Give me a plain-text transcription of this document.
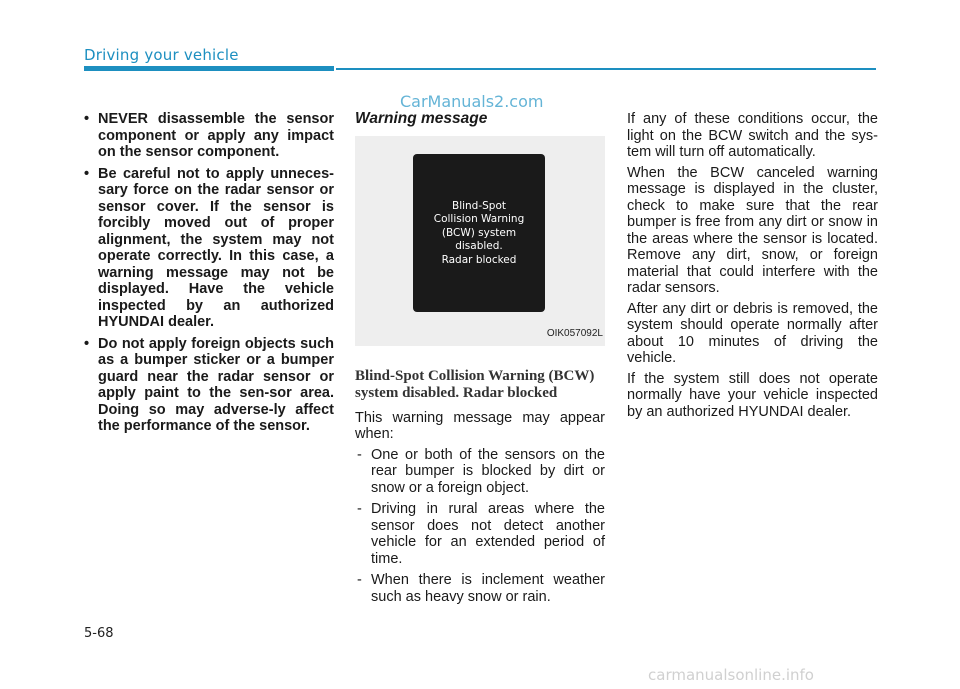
Driving your vehicle
CarManuals2.com
• NEVER disassemble the sensor component or apply any impact on the sensor component.
• Be careful not to apply unneces-sary force on the radar sensor or sensor cover. If the sensor is forcibly moved out of proper alignment, the system may not operate correctly. In this case, a warning message may not be displayed. Have the vehicle inspected by an authorized HYUNDAI dealer.
• Do not apply foreign objects such as a bumper sticker or a bumper guard near the radar sensor or apply paint to the sen-sor area. Doing so may adverse-ly affect the performance of the sensor.
Warning message
Blind-Spot
Collision Warning
(BCW) system
disabled.
Radar blocked
OIK057092L
Blind-Spot Collision Warning (BCW) system disabled. Radar blocked
This warning message may appear when:
- One or both of the sensors on the rear bumper is blocked by dirt or snow or a foreign object.
- Driving in rural areas where the sensor does not detect another vehicle for an extended period of time.
- When there is inclement weather such as heavy snow or rain.
If any of these conditions occur, the light on the BCW switch and the sys-tem will turn off automatically.
When the BCW canceled warning message is displayed in the cluster, check to make sure that the rear bumper is free from any dirt or snow in the areas where the sensor is located. Remove any dirt, snow, or foreign material that could interfere with the radar sensors.
After any dirt or debris is removed, the system should operate normally after about 10 minutes of driving the vehicle.
If the system still does not operate normally have your vehicle inspected by an authorized HYUNDAI dealer.
5-68
carmanualsonline.info
